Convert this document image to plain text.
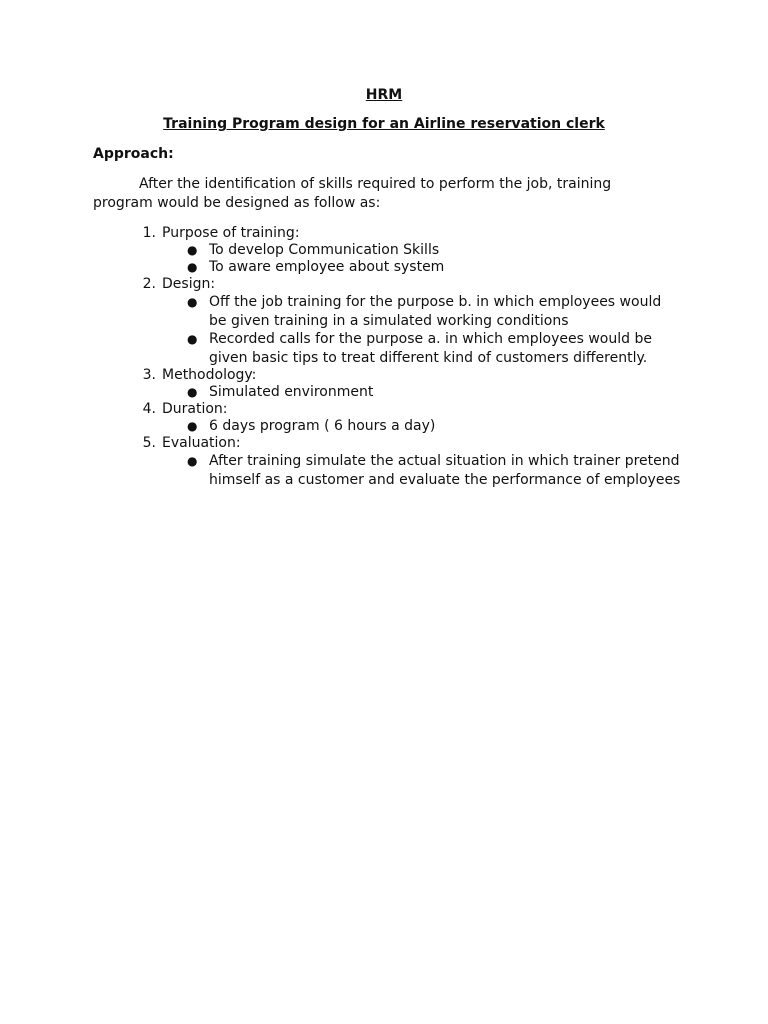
HRM
Training Program design for an Airline reservation clerk
Approach:

After the identification of skills required to perform the job, training program would be designed as follow as:

1. Purpose of training:
● To develop Communication Skills
● To aware employee about system
2. Design:
● Off the job training for the purpose b. in which employees would be given training in a simulated working conditions
● Recorded calls for the purpose a. in which employees would be given basic tips to treat different kind of customers differently.
3. Methodology:
● Simulated environment
4. Duration:
● 6 days program ( 6 hours a day)
5. Evaluation:
● After training simulate the actual situation in which trainer pretend himself as a customer and evaluate the performance of employees
